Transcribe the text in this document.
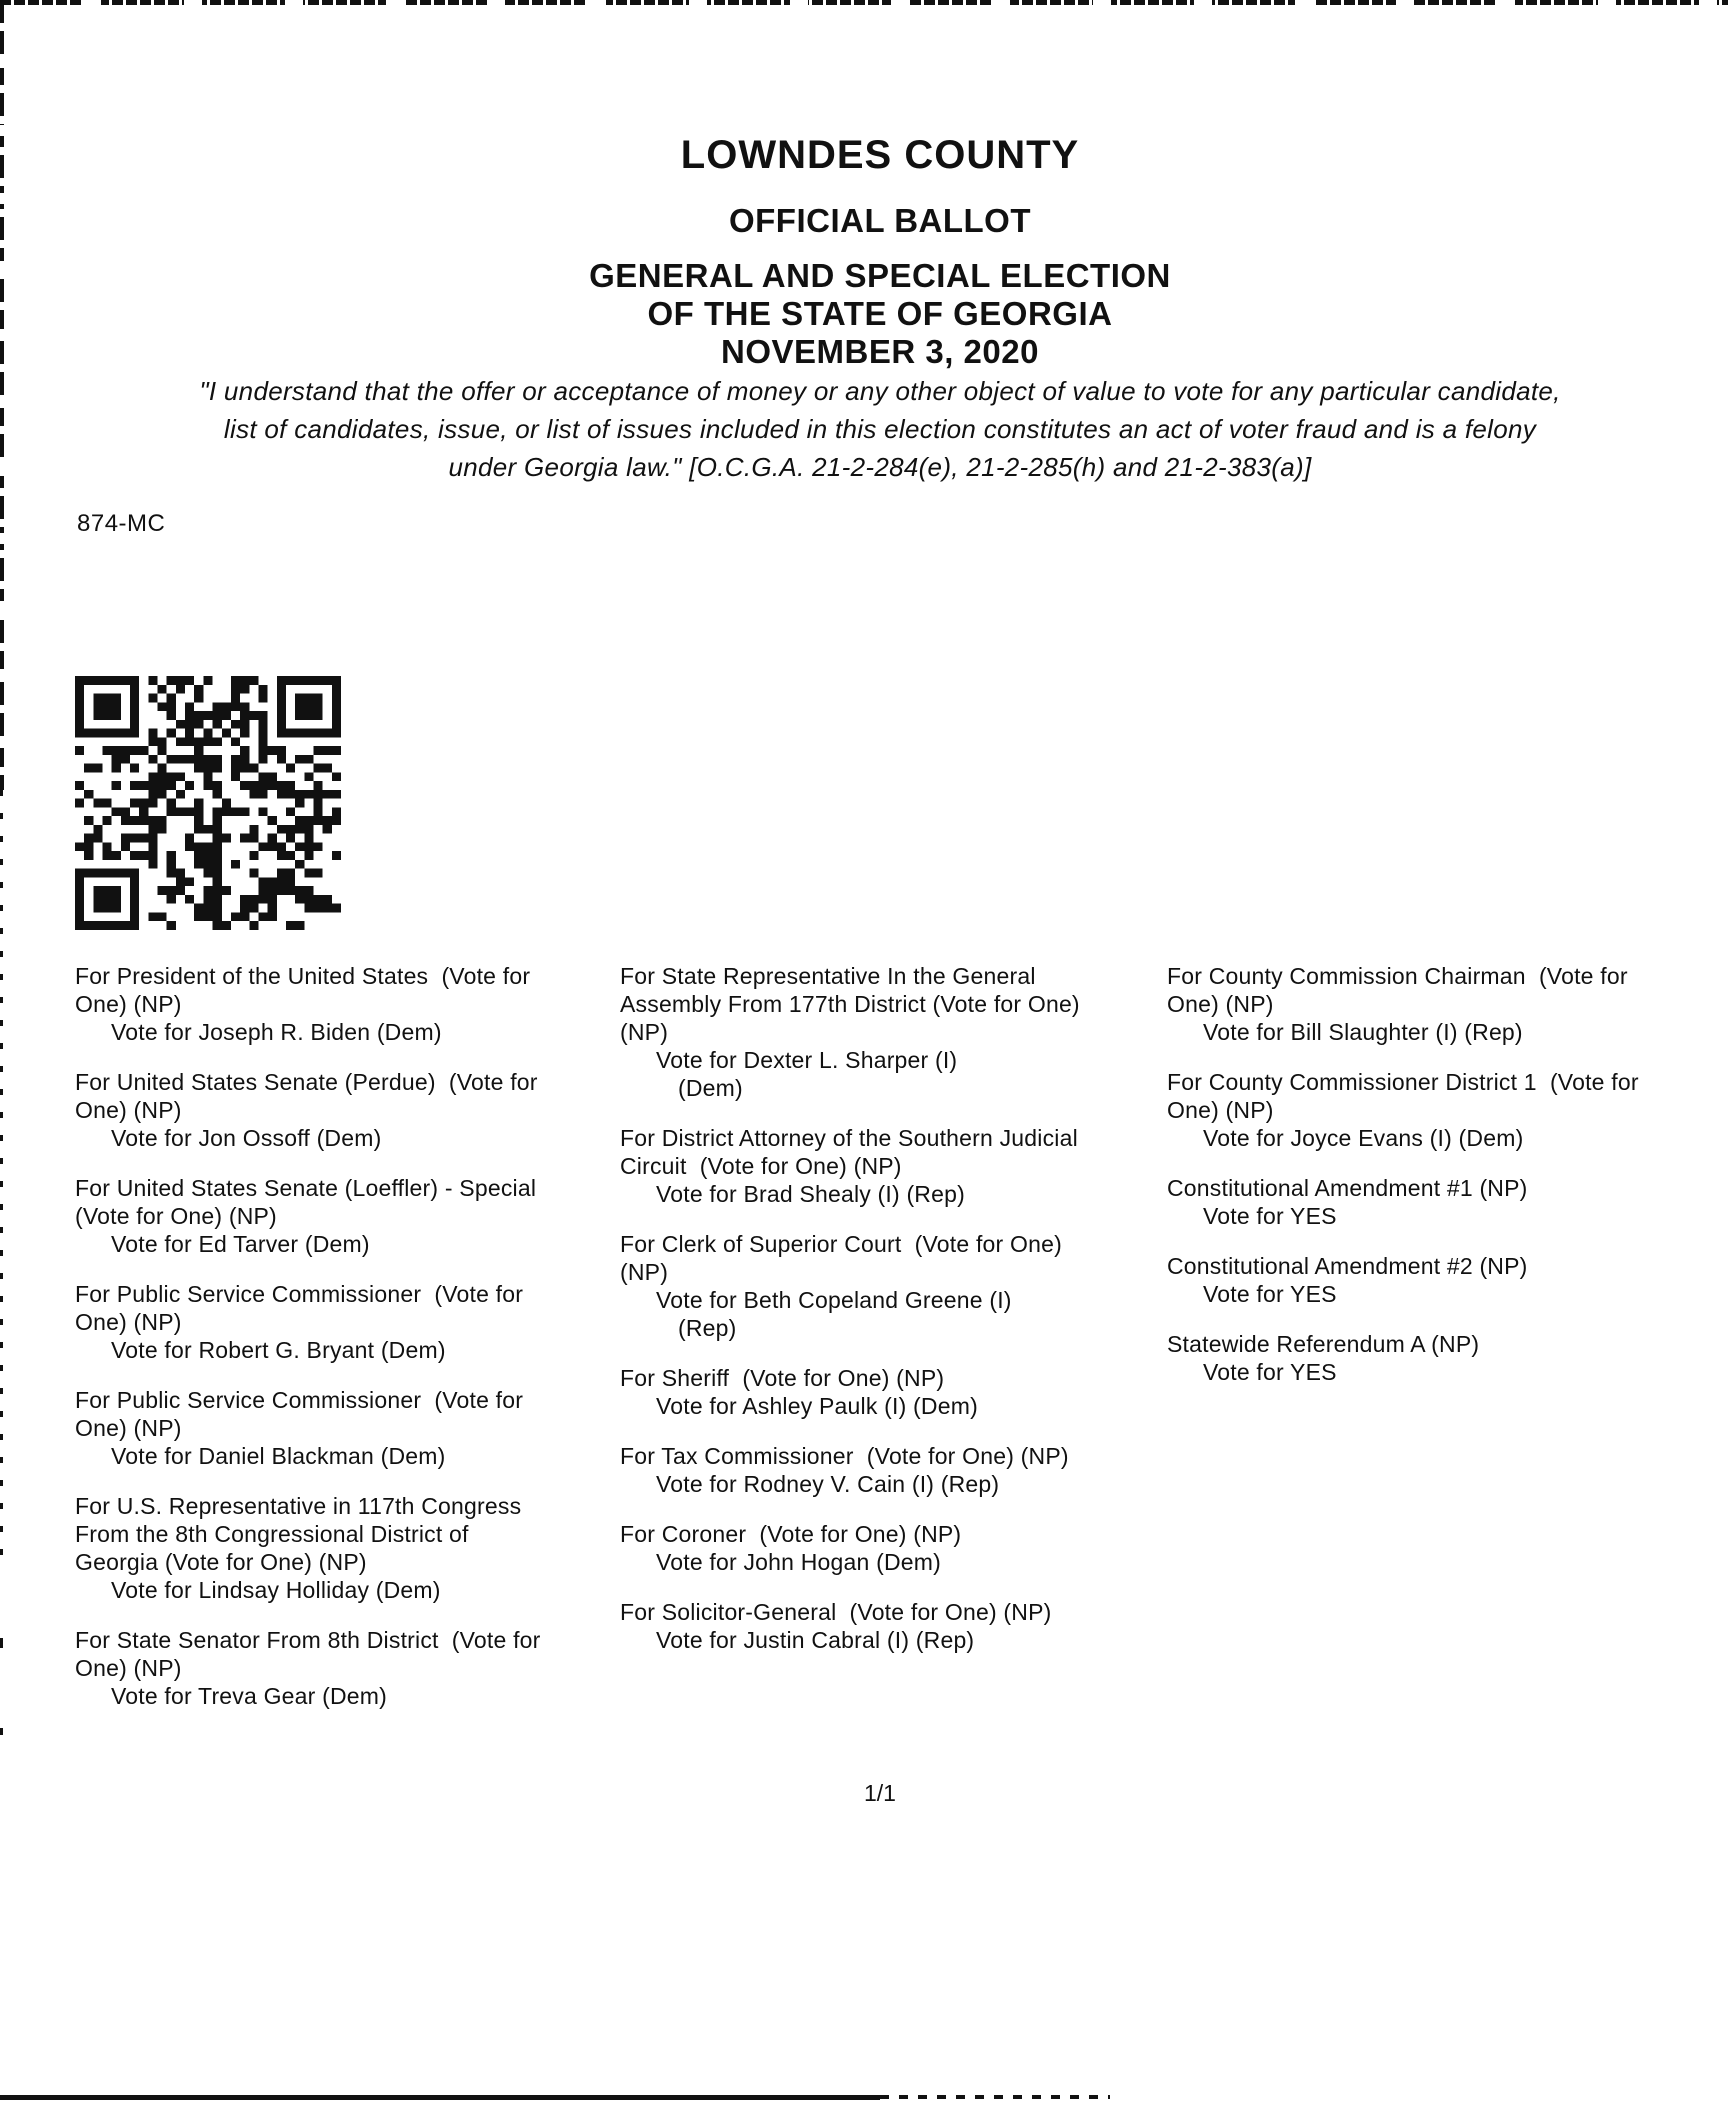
LOWNDES COUNTY
OFFICIAL BALLOT
GENERAL AND SPECIAL ELECTION
OF THE STATE OF GEORGIA
NOVEMBER 3, 2020
"I understand that the offer or acceptance of money or any other object of value to vote for any particular candidate,
list of candidates, issue, or list of issues included in this election constitutes an act of voter fraud and is a felony
under Georgia law." [O.C.G.A. 21-2-284(e), 21-2-285(h) and 21-2-383(a)]
874-MC
For President of the United States  (Vote for One) (NP)
Vote for Joseph R. Biden (Dem)
For United States Senate (Perdue)  (Vote for One) (NP)
Vote for Jon Ossoff (Dem)
For United States Senate (Loeffler) - Special  (Vote for One) (NP)
Vote for Ed Tarver (Dem)
For Public Service Commissioner  (Vote for One) (NP)
Vote for Robert G. Bryant (Dem)
For Public Service Commissioner  (Vote for One) (NP)
Vote for Daniel Blackman (Dem)
For U.S. Representative in 117th Congress From the 8th Congressional District of Georgia (Vote for One) (NP)
Vote for Lindsay Holliday (Dem)
For State Senator From 8th District  (Vote for One) (NP)
Vote for Treva Gear (Dem)
For State Representative In the General Assembly From 177th District (Vote for One) (NP)
Vote for Dexter L. Sharper (I)
(Dem)
For District Attorney of the Southern Judicial Circuit  (Vote for One) (NP)
Vote for Brad Shealy (I) (Rep)
For Clerk of Superior Court  (Vote for One) (NP)
Vote for Beth Copeland Greene (I)
(Rep)
For Sheriff  (Vote for One) (NP)
Vote for Ashley Paulk (I) (Dem)
For Tax Commissioner  (Vote for One) (NP)
Vote for Rodney V. Cain (I) (Rep)
For Coroner  (Vote for One) (NP)
Vote for John Hogan (Dem)
For Solicitor-General  (Vote for One) (NP)
Vote for Justin Cabral (I) (Rep)
For County Commission Chairman  (Vote for One) (NP)
Vote for Bill Slaughter (I) (Rep)
For County Commissioner District 1  (Vote for One) (NP)
Vote for Joyce Evans (I) (Dem)
Constitutional Amendment #1 (NP)
Vote for YES
Constitutional Amendment #2 (NP)
Vote for YES
Statewide Referendum A (NP)
Vote for YES
1/1
